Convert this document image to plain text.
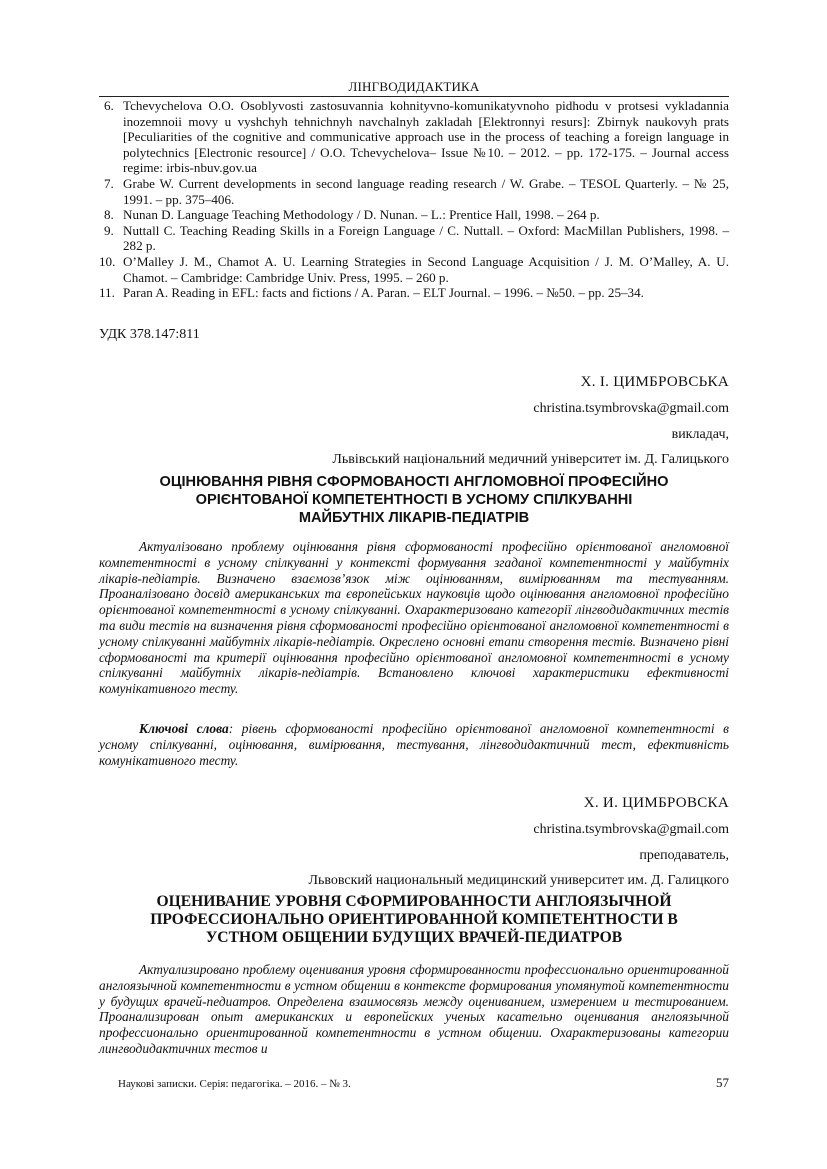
ЛІНГВОДИДАКТИКА
6. Tchevychelova O.O. Osoblyvosti zastosuvannia kohnityvno-komunikatyvnoho pidhodu v protsesi vykladannia inozemnoii movy u vyshchyh tehnichnyh navchalnyh zakladah [Elektronnyi resurs]: Zbirnyk naukovyh prats [Peculiarities of the cognitive and communicative approach use in the process of teaching a foreign language in polytechnics [Electronic resource] / O.O. Tchevychelova– Issue №10. – 2012. – pp. 172-175. – Journal access regime: irbis-nbuv.gov.ua
7. Grabe W. Current developments in second language reading research / W. Grabe. – TESOL Quarterly. – № 25, 1991. – pp. 375–406.
8. Nunan D. Language Teaching Methodology / D. Nunan. – L.: Prentice Hall, 1998. – 264 p.
9. Nuttall C. Teaching Reading Skills in a Foreign Language / C. Nuttall. – Oxford: MacMillan Publishers, 1998. – 282 p.
10. O’Malley J. M., Chamot A. U. Learning Strategies in Second Language Acquisition / J. M. O’Malley, A. U. Chamot. – Cambridge: Cambridge Univ. Press, 1995. – 260 p.
11. Paran A. Reading in EFL: facts and fictions / A. Paran. – ELT Journal. – 1996. – №50. – pp. 25–34.
УДК 378.147:811
Х. І. ЦИМБРОВСЬКА
christina.tsymbrovska@gmail.com
викладач,
Львівський національний медичний університет ім. Д. Галицького
ОЦІНЮВАННЯ РІВНЯ СФОРМОВАНОСТІ АНГЛОМОВНОЇ ПРОФЕСІЙНО
ОРІЄНТОВАНОЇ КОМПЕТЕНТНОСТІ В УСНОМУ СПІЛКУВАННІ
МАЙБУТНІХ ЛІКАРІВ-ПЕДІАТРІВ

Актуалізовано проблему оцінювання рівня сформованості професійно орієнтованої англомовної компетентності в усному спілкуванні у контексті формування згаданої компетентності у майбутніх лікарів-педіатрів. Визначено взаємозв’язок між оцінюванням, вимірюванням та тестуванням. Проаналізовано досвід американських та європейських науковців щодо оцінювання англомовної професійно орієнтованої компетентності в усному спілкуванні. Охарактеризовано категорії лінгводидактичних тестів та види тестів на визначення рівня сформованості професійно орієнтованої англомовної компетентності в усному спілкуванні майбутніх лікарів-педіатрів. Окреслено основні етапи створення тестів. Визначено рівні сформованості та критерії оцінювання професійно орієнтованої англомовної компетентності в усному спілкуванні майбутніх лікарів-педіатрів. Встановлено ключові характеристики ефективності комунікативного тесту.

Ключові слова: рівень сформованості професійно орієнтованої англомовної компетентності в усному спілкуванні, оцінювання, вимірювання, тестування, лінгводидактичний тест, ефективність комунікативного тесту.

Х. И. ЦИМБРОВСКА
christina.tsymbrovska@gmail.com
преподаватель,
Львовский национальный медицинский университет им. Д. Галицкого
ОЦЕНИВАНИЕ УРОВНЯ СФОРМИРОВАННОСТИ АНГЛОЯЗЫЧНОЙ
ПРОФЕССИОНАЛЬНО ОРИЕНТИРОВАННОЙ КОМПЕТЕНТНОСТИ В
УСТНОМ ОБЩЕНИИ БУДУЩИХ ВРАЧЕЙ-ПЕДИАТРОВ

Актуализировано проблему оценивания уровня сформированности профессионально ориентированной англоязычной компетентности в устном общении в контексте формирования упомянутой компетентности у будущих врачей-педиатров. Определена взаимосвязь между оцениванием, измерением и тестированием. Проанализирован опыт американских и европейских ученых касательно оценивания англоязычной профессионально ориентированной компетентности в устном общении. Охарактеризованы категории лингводидактичних тестов и

Наукові записки. Серія: педагогіка. – 2016. – № 3.	57
